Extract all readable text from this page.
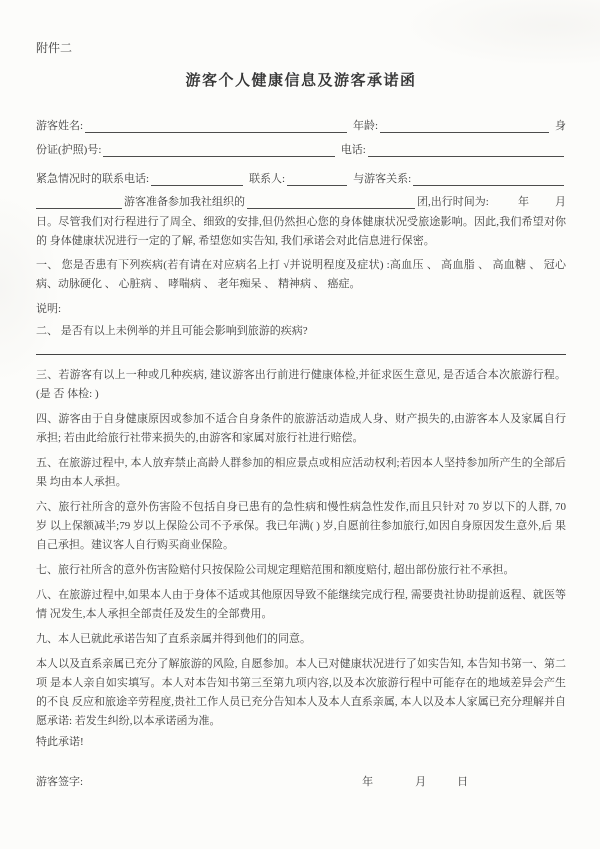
附件二
游客个人健康信息及游客承诺函
游客姓名:	年龄:	身
份证(护照)号:	电话:
紧急情况时的联系电话:	联系人:	与游客关系:
游客准备参加我社组织的	团,出行时间为:	年 月

日。尽管我们对行程进行了周全、细致的安排,但仍然担心您的身体健康状况受旅途影响。因此,我们希望对你的 身体健康状况进行一定的了解, 希望您如实告知, 我们承诺会对此信息进行保密。

一、 您是否患有下列疾病(若有请在对应病名上打 √并说明程度及症状) :高血压 、 高血脂 、 高血糖 、 冠心 病、动脉硬化 、 心脏病 、 哮喘病 、 老年痴呆 、 精神病 、 癌症。

说明:

二、 是否有以上未例举的并且可能会影响到旅游的疾病?

三、若游客有以上一种或几种疾病, 建议游客出行前进行健康体检,并征求医生意见, 是否适合本次旅游行程。(是 否 体检: )

四、游客由于自身健康原因或参加不适合自身条件的旅游活动造成人身、财产损失的,由游客本人及家属自行承担; 若由此给旅行社带来损失的,由游客和家属对旅行社进行赔偿。

五、在旅游过程中, 本人放弃禁止高龄人群参加的相应景点或相应活动权利;若因本人坚持参加所产生的全部后果 均由本人承担。

六、旅行社所含的意外伤害险不包括自身已患有的急性病和慢性病急性发作,而且只针对 70 岁以下的人群, 70 岁 以上保额减半;79 岁以上保险公司不予承保。我已年满( ) 岁,自愿前往参加旅行,如因自身原因发生意外,后 果自己承担。建议客人自行购买商业保险。

七、旅行社所含的意外伤害险赔付只按保险公司规定理赔范围和额度赔付, 超出部份旅行社不承担。

八、在旅游过程中,如果本人由于身体不适或其他原因导致不能继续完成行程, 需要贵社协助提前返程、就医等情 况发生,本人承担全部责任及发生的全部费用。

九、本人已就此承诺告知了直系亲属并得到他们的同意。

本人以及直系亲属已充分了解旅游的风险, 自愿参加。本人已对健康状况进行了如实告知, 本告知书第一、第二项 是本人亲自如实填写。本人对本告知书第三至第九项内容,以及本次旅游行程中可能存在的地域差异会产生的不良 反应和旅途辛劳程度,贵社工作人员已充分告知本人及本人直系亲属, 本人以及本人家属已充分理解并自愿承诺: 若发生纠纷,以本承诺函为准。

特此承诺!

游客签字:	年	月	日
